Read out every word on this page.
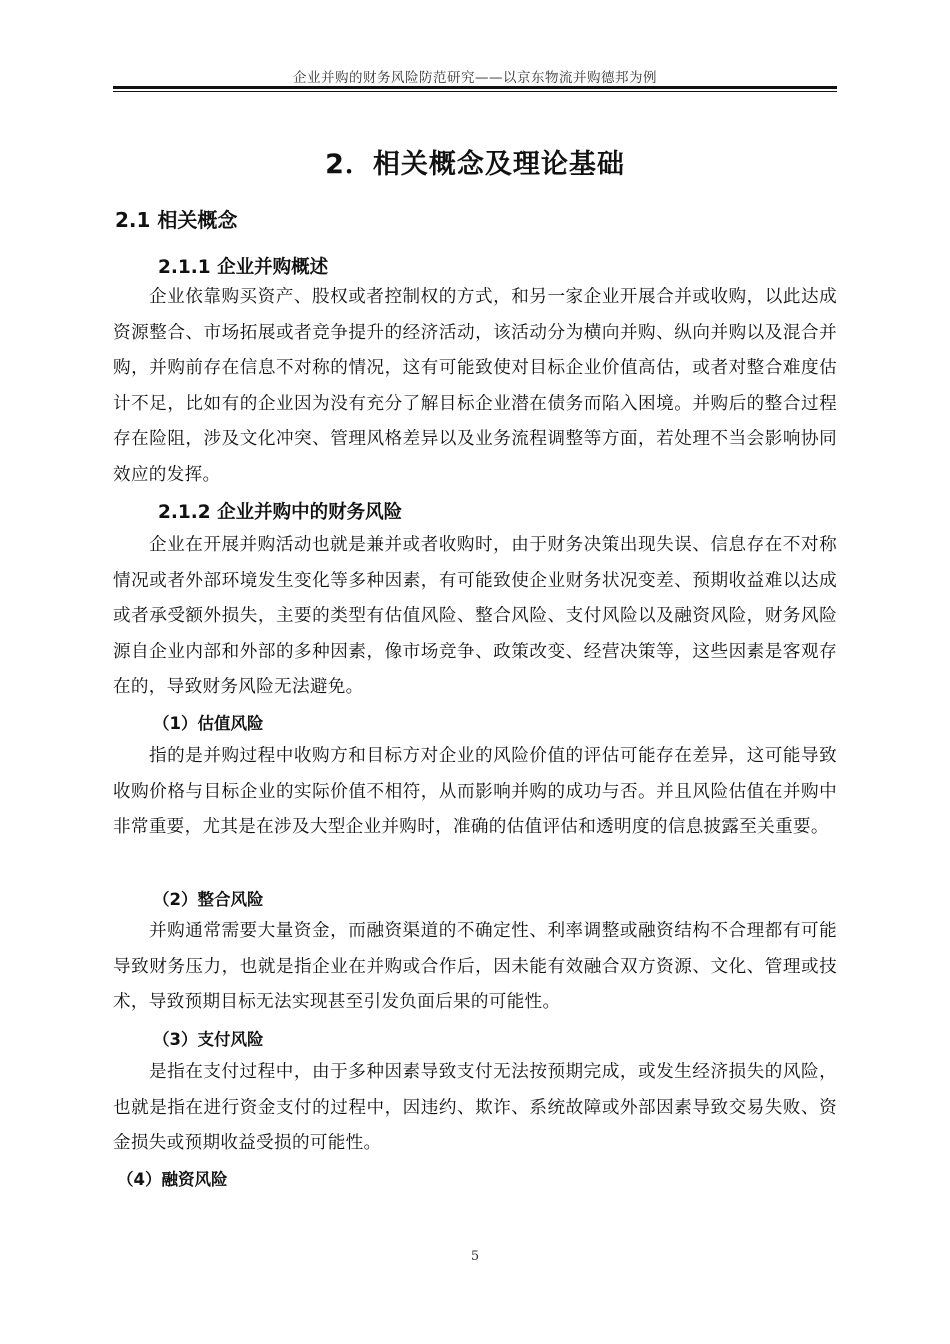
企业并购的财务风险防范研究——以京东物流并购德邦为例
2．相关概念及理论基础
2.1 相关概念
2.1.1 企业并购概述

企业依靠购买资产、股权或者控制权的方式，和另一家企业开展合并或收购，以此达成资源整合、市场拓展或者竞争提升的经济活动，该活动分为横向并购、纵向并购以及混合并购，并购前存在信息不对称的情况，这有可能致使对目标企业价值高估，或者对整合难度估计不足，比如有的企业因为没有充分了解目标企业潜在债务而陷入困境。并购后的整合过程存在险阻，涉及文化冲突、管理风格差异以及业务流程调整等方面，若处理不当会影响协同效应的发挥。

2.1.2 企业并购中的财务风险

企业在开展并购活动也就是兼并或者收购时，由于财务决策出现失误、信息存在不对称情况或者外部环境发生变化等多种因素，有可能致使企业财务状况变差、预期收益难以达成或者承受额外损失，主要的类型有估值风险、整合风险、支付风险以及融资风险，财务风险源自企业内部和外部的多种因素，像市场竞争、政策改变、经营决策等，这些因素是客观存在的，导致财务风险无法避免。

（1）估值风险

指的是并购过程中收购方和目标方对企业的风险价值的评估可能存在差异，这可能导致收购价格与目标企业的实际价值不相符，从而影响并购的成功与否。并且风险估值在并购中非常重要，尤其是在涉及大型企业并购时，准确的估值评估和透明度的信息披露至关重要。

（2）整合风险

并购通常需要大量资金，而融资渠道的不确定性、利率调整或融资结构不合理都有可能导致财务压力，也就是指企业在并购或合作后，因未能有效融合双方资源、文化、管理或技术，导致预期目标无法实现甚至引发负面后果的可能性。

（3）支付风险

是指在支付过程中，由于多种因素导致支付无法按预期完成，或发生经济损失的风险，也就是指在进行资金支付的过程中，因违约、欺诈、系统故障或外部因素导致交易失败、资金损失或预期收益受损的可能性。

（4）融资风险
5
